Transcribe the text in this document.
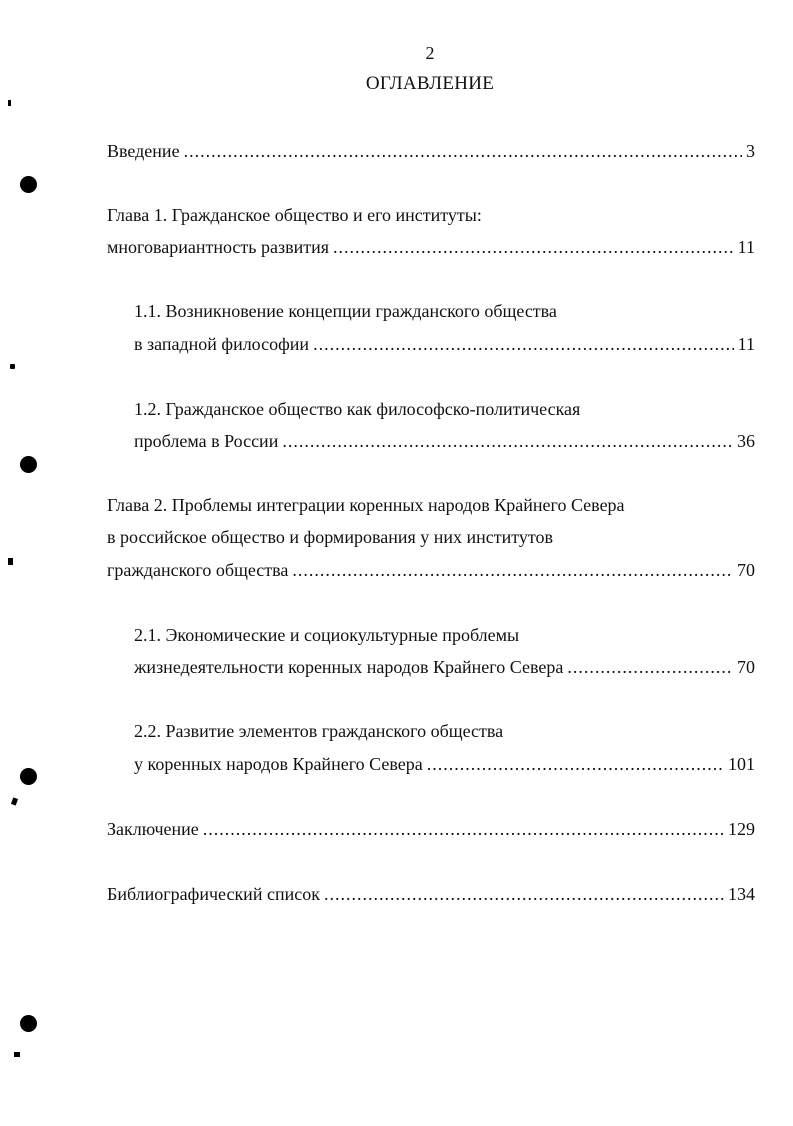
2
ОГЛАВЛЕНИЕ
Введение .....	3
Глава 1. Гражданское общество и его институты:
многовариантность развития .....	11
1.1. Возникновение концепции гражданского общества
в западной философии .....	11
1.2. Гражданское общество как философско-политическая
проблема в России .....	36
Глава 2. Проблемы интеграции коренных народов Крайнего Севера
в российское общество и формирования у них институтов
гражданского общества .....	70
2.1. Экономические и социокультурные проблемы
жизнедеятельности коренных народов Крайнего Севера .....	70
2.2. Развитие элементов гражданского общества
у коренных народов Крайнего Севера .....	101
Заключение .....	129
Библиографический список .....	134
